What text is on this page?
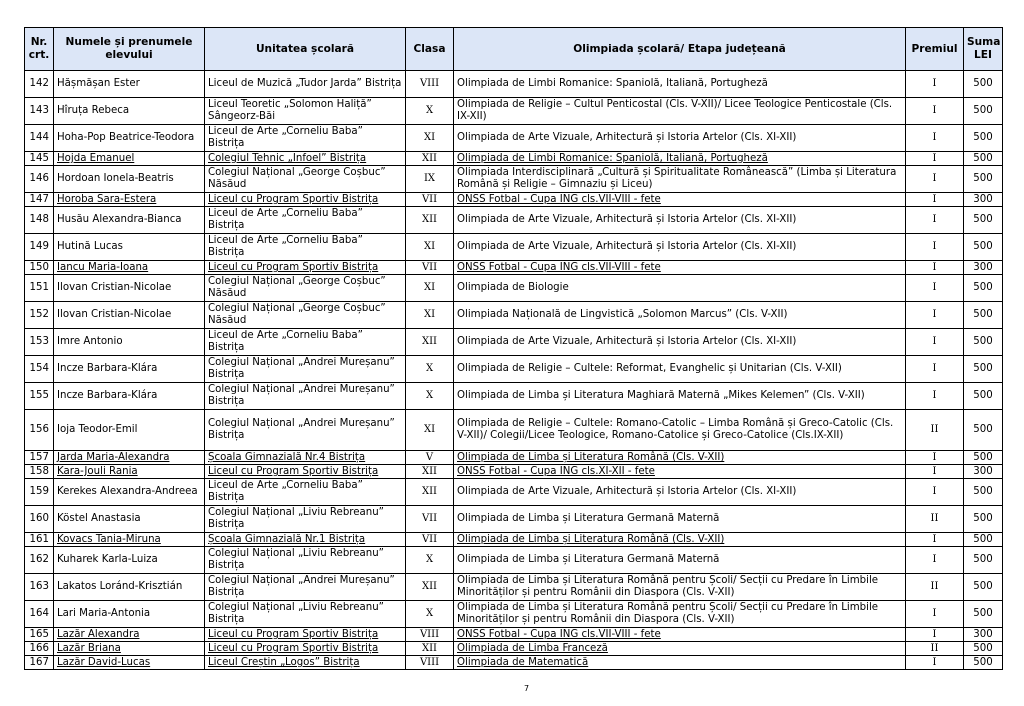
Nr. crt.	Numele și prenumele elevului	Unitatea școlară	Clasa	Olimpiada școlară/ Etapa județeană	Premiul	Suma LEI
142	Hășmășan Ester	Liceul de Muzică „Tudor Jarda” Bistrița	VIII	Olimpiada de Limbi Romanice: Spaniolă, Italiană, Portugheză	I	500
143	Hîruța Rebeca	Liceul Teoretic „Solomon Haliță” Sângeorz-Băi	X	Olimpiada de Religie – Cultul Penticostal (Cls. V-XII)/ Licee Teologice Penticostale (Cls. IX-XII)	I	500
144	Hoha-Pop Beatrice-Teodora	Liceul de Arte „Corneliu Baba” Bistrița	XI	Olimpiada de Arte Vizuale, Arhitectură și Istoria Artelor (Cls. XI-XII)	I	500
145	Hojda Emanuel	Colegiul Tehnic „Infoel” Bistrița	XII	Olimpiada de Limbi Romanice: Spaniolă, Italiană, Portugheză	I	500
146	Hordoan Ionela-Beatris	Colegiul Național „George Coșbuc” Năsăud	IX	Olimpiada Interdisciplinară „Cultură și Spiritualitate Românească” (Limba și Literatura Română și Religie – Gimnaziu și Liceu)	I	500
147	Horoba Sara-Estera	Liceul cu Program Sportiv Bistrița	VII	ONSS Fotbal - Cupa ING cls.VII-VIII - fete	I	300
148	Husău Alexandra-Bianca	Liceul de Arte „Corneliu Baba” Bistrița	XII	Olimpiada de Arte Vizuale, Arhitectură și Istoria Artelor (Cls. XI-XII)	I	500
149	Hutină Lucas	Liceul de Arte „Corneliu Baba” Bistrița	XI	Olimpiada de Arte Vizuale, Arhitectură și Istoria Artelor (Cls. XI-XII)	I	500
150	Iancu Maria-Ioana	Liceul cu Program Sportiv Bistrița	VII	ONSS Fotbal - Cupa ING cls.VII-VIII - fete	I	300
151	Ilovan Cristian-Nicolae	Colegiul Național „George Coșbuc” Năsăud	XI	Olimpiada de Biologie	I	500
152	Ilovan Cristian-Nicolae	Colegiul Național „George Coșbuc” Năsăud	XI	Olimpiada Națională de Lingvistică „Solomon Marcus” (Cls. V-XII)	I	500
153	Imre Antonio	Liceul de Arte „Corneliu Baba” Bistrița	XII	Olimpiada de Arte Vizuale, Arhitectură și Istoria Artelor (Cls. XI-XII)	I	500
154	Incze Barbara-Klára	Colegiul Național „Andrei Mureșanu” Bistrița	X	Olimpiada de Religie – Cultele: Reformat, Evanghelic și Unitarian (Cls. V-XII)	I	500
155	Incze Barbara-Klára	Colegiul Național „Andrei Mureșanu” Bistrița	X	Olimpiada de Limba și Literatura Maghiară Maternă „Mikes Kelemen” (Cls. V-XII)	I	500
156	Ioja Teodor-Emil	Colegiul Național „Andrei Mureșanu” Bistrița	XI	Olimpiada de Religie – Cultele: Romano-Catolic – Limba Română și Greco-Catolic (Cls. V-XII)/ Colegii/Licee Teologice, Romano-Catolice și Greco-Catolice (Cls.IX-XII)	II	500
157	Jarda Maria-Alexandra	Școala Gimnazială Nr.4 Bistrița	V	Olimpiada de Limba și Literatura Română (Cls. V-XII)	I	500
158	Kara-Jouli Rania	Liceul cu Program Sportiv Bistrița	XII	ONSS Fotbal - Cupa ING cls.XI-XII - fete	I	300
159	Kerekes Alexandra-Andreea	Liceul de Arte „Corneliu Baba” Bistrița	XII	Olimpiada de Arte Vizuale, Arhitectură și Istoria Artelor (Cls. XI-XII)	I	500
160	Köstel Anastasia	Colegiul Național „Liviu Rebreanu” Bistrița	VII	Olimpiada de Limba și Literatura Germană Maternă	II	500
161	Kovacs Tania-Miruna	Școala Gimnazială Nr.1 Bistrița	VII	Olimpiada de Limba și Literatura Română (Cls. V-XII)	I	500
162	Kuharek Karla-Luiza	Colegiul Național „Liviu Rebreanu” Bistrița	X	Olimpiada de Limba și Literatura Germană Maternă	I	500
163	Lakatos Loránd-Krisztián	Colegiul Național „Andrei Mureșanu” Bistrița	XII	Olimpiada de Limba și Literatura Română pentru Școli/ Secții cu Predare în Limbile Minorităților și pentru Românii din Diaspora (Cls. V-XII)	II	500
164	Lari Maria-Antonia	Colegiul Național „Liviu Rebreanu” Bistrița	X	Olimpiada de Limba și Literatura Română pentru Școli/ Secții cu Predare în Limbile Minorităților și pentru Românii din Diaspora (Cls. V-XII)	I	500
165	Lazăr Alexandra	Liceul cu Program Sportiv Bistrița	VIII	ONSS Fotbal - Cupa ING cls.VII-VIII - fete	I	300
166	Lazăr Briana	Liceul cu Program Sportiv Bistrița	XII	Olimpiada de Limba Franceză	II	500
167	Lazăr David-Lucas	Liceul Creștin „Logos” Bistrița	VIII	Olimpiada de Matematică	I	500
7
